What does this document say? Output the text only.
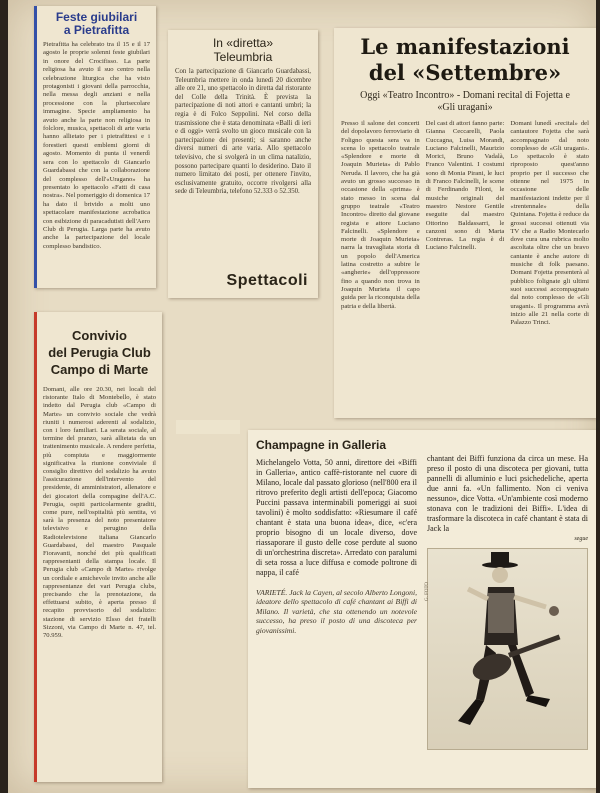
Feste giubilari
a Pietrafitta

Pietrafitta ha celebrato tra il 15 e il 17 agosto le proprie solenni feste giubilari in onore del Crocifisso. La parte religiosa ha avuto il suo centro nella celebrazione liturgica che ha visto protagonisti i giovani della parrocchia, nella messa degli anziani e nella processione con la plurisecolare immagine. Specie ampliamento ha avuto anche la parte non religiosa in folclore, musica, spettacoli di arte varia hanno allietato per i pietrafittesi e i forestieri questi emblemi giorni di agosto. Momento di punta il venerdì sera con lo spettacolo di Giancarlo Guardabassi che con la collaborazione del complesso dell'«Uragano» ha presentato lo spettacolo «Fatti di casa nostra». Nel pomeriggio di domenica 17 ha dato il brivido a molti uno spettacolare manifestazione acrobatica con esibizione di paracadutisti dell'Aero Club di Perugia. Larga parte ha avuto anche la partecipazione del locale complesso bandistico.

In «diretta»
Teleumbria

Con la partecipazione di Giancarlo Guardabassi, Teleumbria mettere in onda lunedì 20 dicembre alle ore 21, uno spettacolo in diretta dal ristorante del Colle della Trinità. È prevista la partecipazione di noti attori e cantanti umbri; la regia è di Folco Seppolini. Nel corso della trasmissione che è stata denominata «Balli di ieri e di oggi» verrà svolto un gioco musicale con la partecipazione dei presenti; si saranno anche diversi numeri di arte varia. Allo spettacolo televisivo, che si svolgerà in un clima natalizio, possono partecipare quanti lo desiderino. Dato il numero limitato dei posti, per ottenere l'invito, esclusivamente gratuito, occorre rivolgersi alla sede di Teleumbria, telefono 52.333 o 52.350.

Spettacoli
Le manifestazioni
del «Settembre»
Oggi «Teatro Incontro» - Domani recital di Fojetta e «Gli uragani»
Presso il salone dei concerti del dopolavoro ferroviario di Foligno questa sera va in scena lo spettacolo teatrale «Splendore e morte di Joaquin Murieta» di Pablo Neruda. Il lavoro, che ha già avuto un grosso successo in occasione della «prima» è stato messo in scena dal gruppo teatrale «Teatro Incontro» diretto dal giovane regista e attore Luciano Falcinelli. «Splendore e morte di Joaquin Murieta» narra la travagliata storia di un popolo dell'America latina costretto a subire le «angherie» dell'oppressore fino a quando non trova in Joaquin Murieta il capo guida per la riconquista della patria e della libertà.
Del cast di attori fanno parte: Gianna Ceccarelli, Paola Cuccagna, Luisa Morandi, Luciano Falcinelli, Maurizio Morici, Bruno Vadalà, Franco Valentini. I costumi sono di Monia Pirani, le luci di Franco Falcinelli, le scene di Ferdinando Filoni, le musiche originali del maestro Nestore Gentile eseguite dal maestro Ottorino Baldassarri, le canzoni sono di Marta Contreras. La regia è di Luciano Falcinelli.
Domani lunedì «recital» del cantautore Fojetta che sarà accompagnato dal noto complesso de «Gli uragani». Lo spettacolo è stato riproposto quest'anno proprio per il successo che ottenne nel 1975 in occasione delle manifestazioni indette per il «trentennale» della Quintana. Fojetta è reduce da grossi successi ottenuti via TV che a Radio Montecarlo dove cura una rubrica molto ascoltata oltre che un bravo cantante è anche autore di musiche di folk paesano. Domani Fojetta presenterà al pubblico folignate gli ultimi suoi successi accompagnato dal noto complesso de «Gli uragani». Il programma avrà inizio alle 21 nella corte di Palazzo Trinci.
Convivio
del Perugia Club
Campo di Marte

Domani, alle ore 20.30, nei locali del ristorante Italo di Montebello, è stato indetto dal Perugia club «Campo di Marte» un convivio sociale che vedrà riuniti i numerosi aderenti al sodalizio, con i loro familiari. La serata sociale, al termine del pranzo, sarà allietata da un trattenimento musicale. A rendere perfetta, più compiuta e maggiormente significativa la riunione conviviale il consiglio direttivo del sodalizio ha avuto l'assicurazione dell'intervento del presidente, di amministratori, allenatore e dei giocatori della compagine dell'A.C. Perugia, ospiti particolarmente graditi, come pure, nell'ospitalità più sentita, vi sarà la presenza del noto presentatore televisivo e perugino della Radiotelevisione italiana Giancarlo Guardabassi, del maestro Pasquale Fioravanti, nonché dei più qualificati rappresentanti della stampa locale. Il Perugia club «Campo di Marte» rivolge un cordiale e amichevole invito anche alle rappresentanze dei vari Perugia clubs, precisando che la prenotazione, da effettuarsi subito, è aperta presso il recapito provvisorio del sodalizio: stazione di servizio Elsso dei fratelli Sizzoni, via Campo di Marte n. 47, tel. 70.959.

Champagne in Galleria

Michelangelo Votta, 50 anni, direttore dei «Biffi in Galleria», antico caffè-ristorante nel cuore di Milano, locale dal passato glorioso (nell'800 era il ritrovo preferito degli artisti dell'epoca; Giacomo Puccini passava interminabili pomeriggi ai suoi tavolini) è molto soddisfatto: «Riesumare il café chantant è stata una buona idea», dice, «c'era proprio bisogno di un locale diverso, dove riassaporare il gusto delle cose perdute al suono di un'orchestrina discreta». Arredato con paralumi di seta rossa a luce diffusa e comode poltrone di nappa, il café

VARIETÉ. Jack la Cayen, al secolo Alberto Longoni, ideatore dello spettacolo di café chantant ai Biffi di Milano. Il varietà, che sta ottenendo un notevole successo, ha preso il posto di una discoteca per giovanissimi.

chantant dei Biffi funziona da circa un mese. Ha preso il posto di una discoteca per giovani, tutta pannelli di alluminio e luci psichedeliche, aperta due anni fa. «Un fallimento. Non ci veniva nessuno», dice Votta. «Un'ambiente così moderno stonava con le tradizioni dei Biffi». L'idea di trasformare la discoteca in café chantant è stata di Jack la

segue
G. FOTO
